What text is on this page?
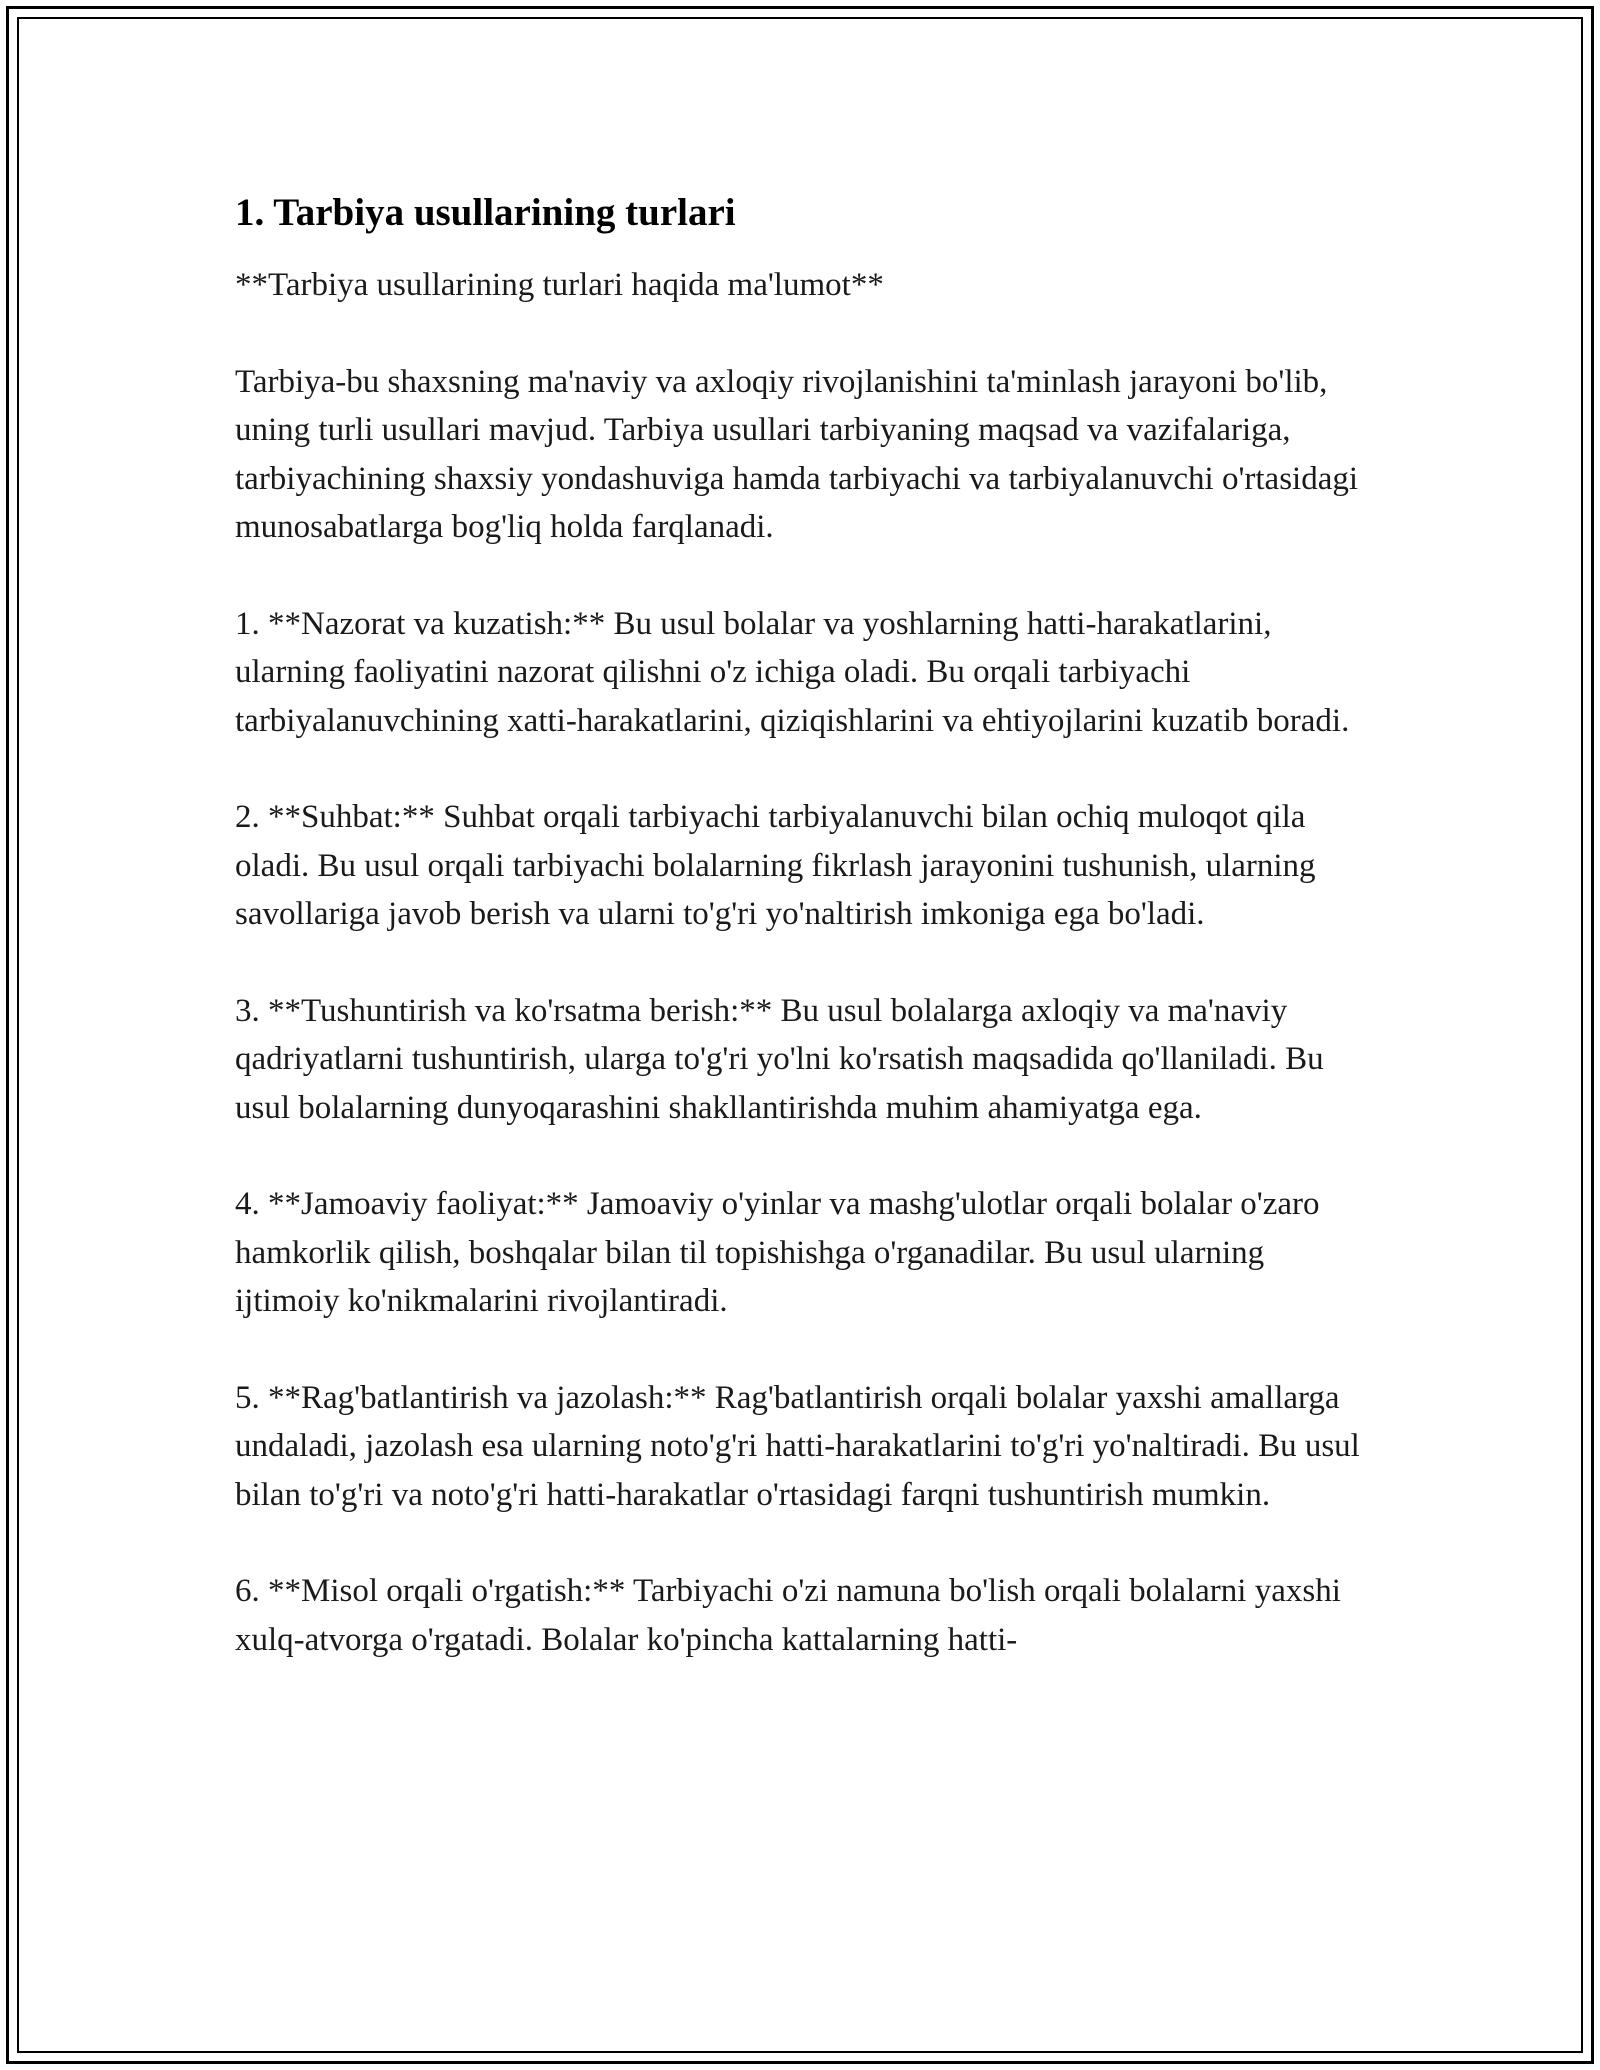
1. Tarbiya usullarining turlari

**Tarbiya usullarining turlari haqida ma'lumot**

Tarbiya-bu shaxsning ma'naviy va axloqiy rivojlanishini ta'minlash jarayoni bo'lib, uning turli usullari mavjud. Tarbiya usullari tarbiyaning maqsad va vazifalariga, tarbiyachining shaxsiy yondashuviga hamda tarbiyachi va tarbiyalanuvchi o'rtasidagi munosabatlarga bog'liq holda farqlanadi.

1. **Nazorat va kuzatish:** Bu usul bolalar va yoshlarning hatti-harakatlarini, ularning faoliyatini nazorat qilishni o'z ichiga oladi. Bu orqali tarbiyachi tarbiyalanuvchining xatti-harakatlarini, qiziqishlarini va ehtiyojlarini kuzatib boradi.

2. **Suhbat:** Suhbat orqali tarbiyachi tarbiyalanuvchi bilan ochiq muloqot qila oladi. Bu usul orqali tarbiyachi bolalarning fikrlash jarayonini tushunish, ularning savollariga javob berish va ularni to'g'ri yo'naltirish imkoniga ega bo'ladi.

3. **Tushuntirish va ko'rsatma berish:** Bu usul bolalarga axloqiy va ma'naviy qadriyatlarni tushuntirish, ularga to'g'ri yo'lni ko'rsatish maqsadida qo'llaniladi. Bu usul bolalarning dunyoqarashini shakllantirishda muhim ahamiyatga ega.

4. **Jamoaviy faoliyat:** Jamoaviy o'yinlar va mashg'ulotlar orqali bolalar o'zaro hamkorlik qilish, boshqalar bilan til topishishga o'rganadilar. Bu usul ularning ijtimoiy ko'nikmalarini rivojlantiradi.

5. **Rag'batlantirish va jazolash:** Rag'batlantirish orqali bolalar yaxshi amallarga undaladi, jazolash esa ularning noto'g'ri hatti-harakatlarini to'g'ri yo'naltiradi. Bu usul bilan to'g'ri va noto'g'ri hatti-harakatlar o'rtasidagi farqni tushuntirish mumkin.

6. **Misol orqali o'rgatish:** Tarbiyachi o'zi namuna bo'lish orqali bolalarni yaxshi xulq-atvorga o'rgatadi. Bolalar ko'pincha kattalarning hatti-
